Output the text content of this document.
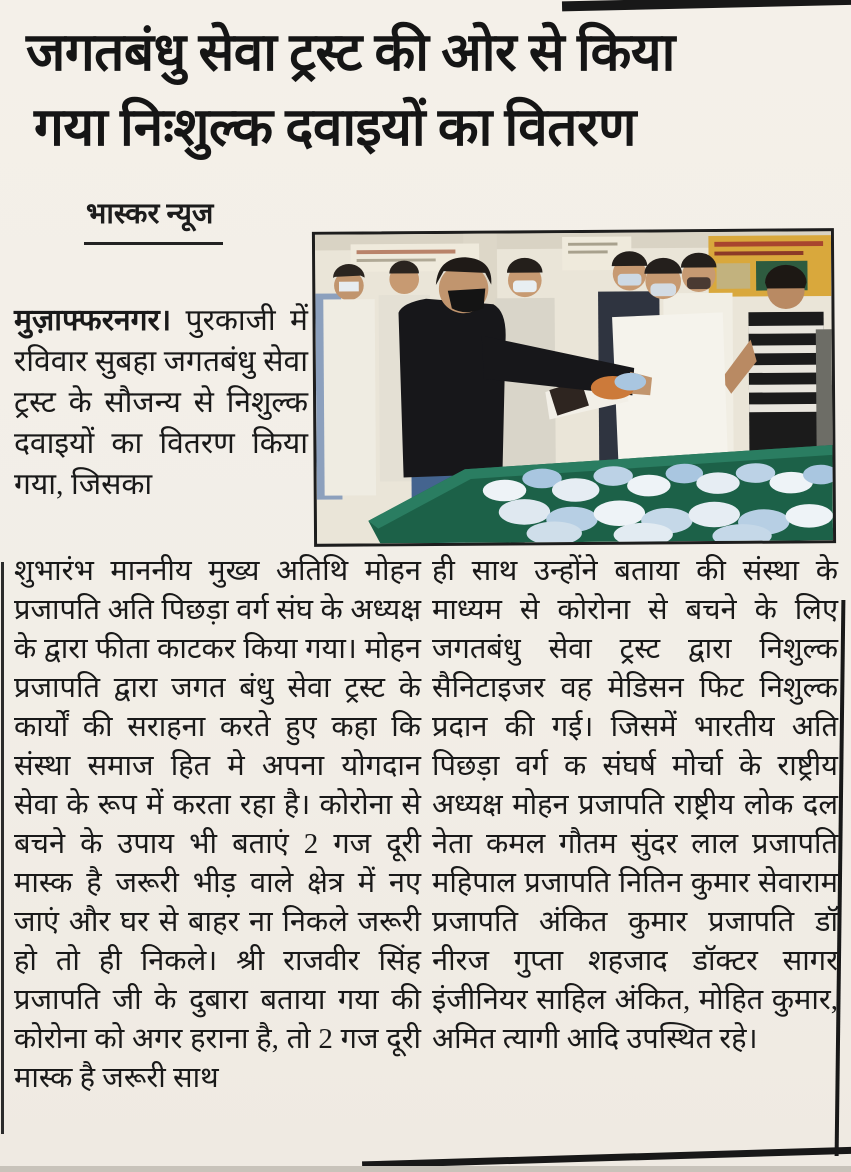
जगतबंधु सेवा ट्रस्ट की ओर से किया
गया निःशुल्क दवाइयों का वितरण
भास्कर न्यूज

मुज़ाफ्फरनगर। पुरकाजी में रविवार सुबहा जगतबंधु सेवा ट्रस्ट के सौजन्य से निशुल्क दवाइयों का वितरण किया गया, जिसका

शुभारंभ माननीय मुख्य अतिथि मोहन प्रजापति अति पिछड़ा वर्ग संघ के अध्यक्ष के द्वारा फीता काटकर किया गया। मोहन प्रजापति द्वारा जगत बंधु सेवा ट्रस्ट के कार्यों की सराहना करते हुए कहा कि संस्था समाज हित मे अपना योगदान सेवा के रूप में करता रहा है। कोरोना से बचने के उपाय भी बताएं 2 गज दूरी मास्क है जरूरी भीड़ वाले क्षेत्र में नए जाएं और घर से बाहर ना निकले जरूरी हो तो ही निकले। श्री राजवीर सिंह प्रजापति जी के दुबारा बताया गया की कोरोना को अगर हराना है, तो 2 गज दूरी मास्क है जरूरी साथ

ही साथ उन्होंने बताया की संस्था के माध्यम से कोरोना से बचने के लिए जगतबंधु सेवा ट्रस्ट द्वारा निशुल्क सैनिटाइजर वह मेडिसन फिट निशुल्क प्रदान की गई। जिसमें भारतीय अति पिछड़ा वर्ग क संघर्ष मोर्चा के राष्ट्रीय अध्यक्ष मोहन प्रजापति राष्ट्रीय लोक दल नेता कमल गौतम सुंदर लाल प्रजापति महिपाल प्रजापति नितिन कुमार सेवाराम प्रजापति अंकित कुमार प्रजापति डॉ नीरज गुप्ता शहजाद डॉक्टर सागर इंजीनियर साहिल अंकित, मोहित कुमार, अमित त्यागी आदि उपस्थित रहे।
